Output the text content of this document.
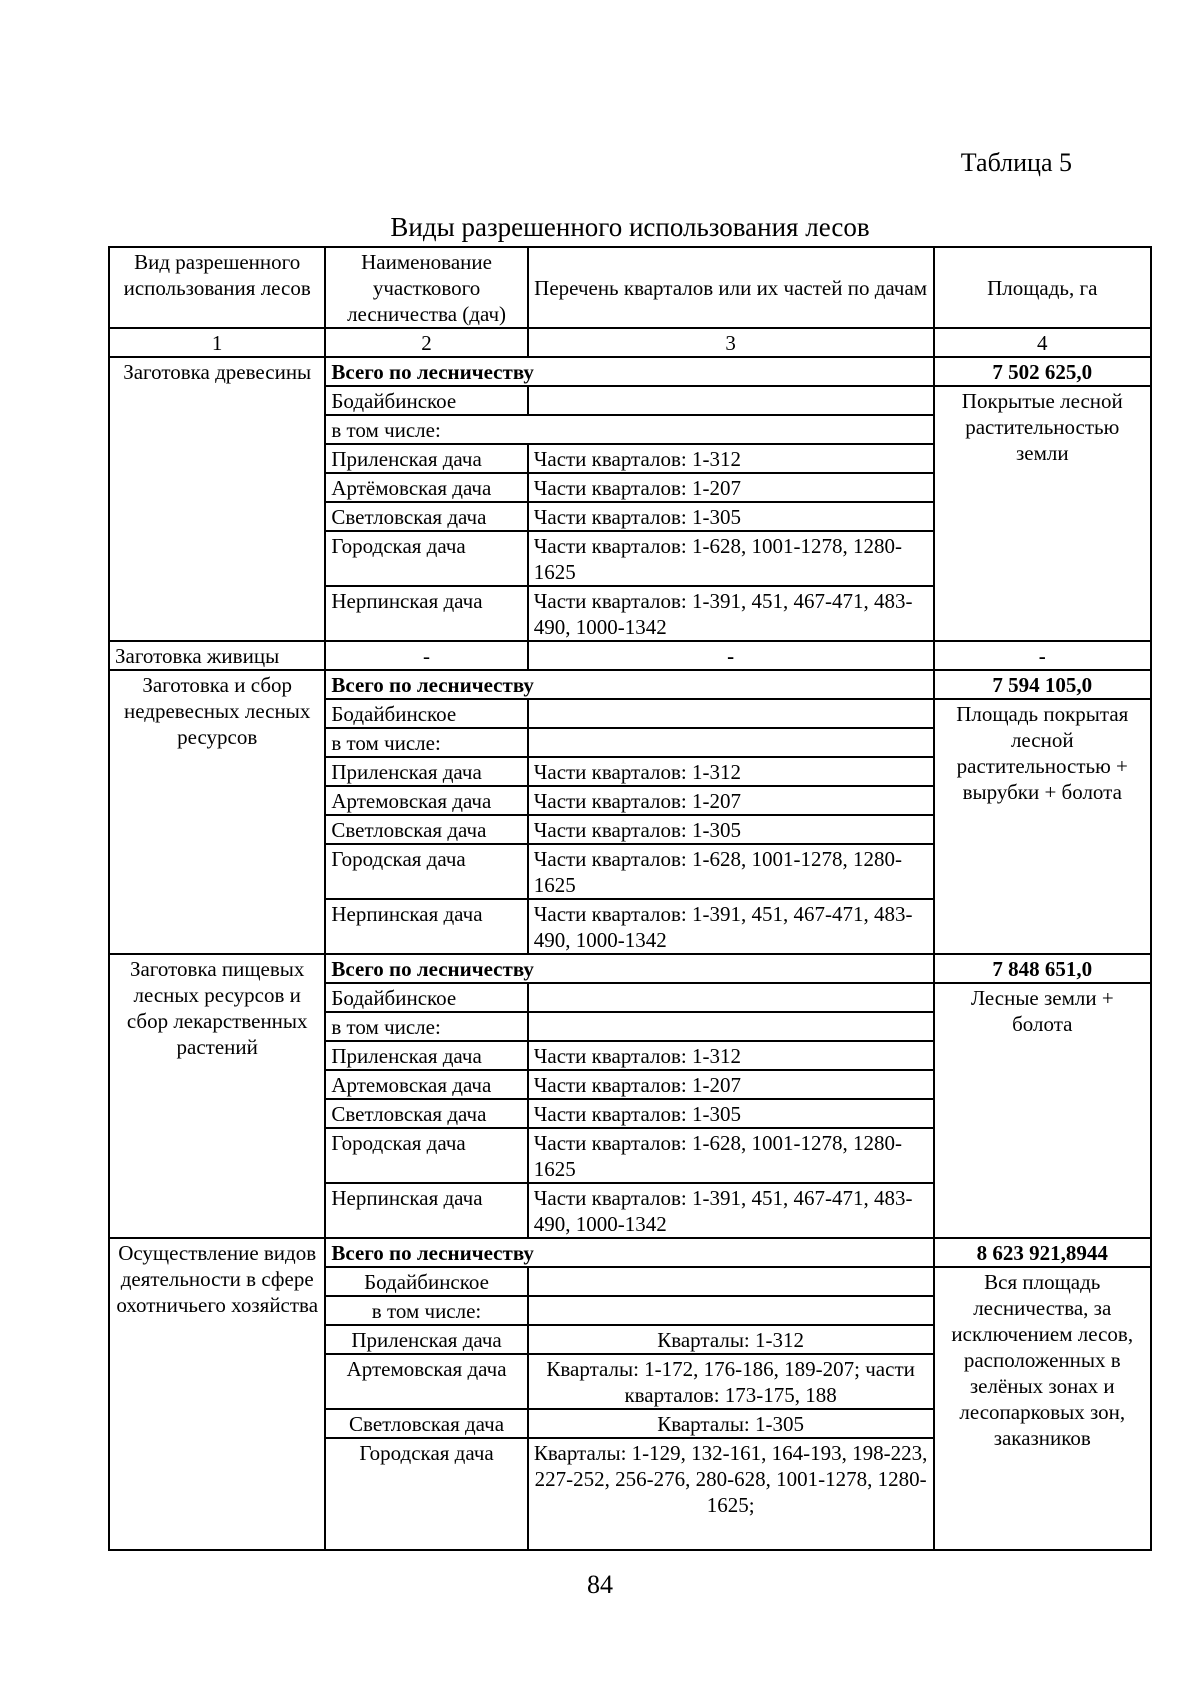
Таблица 5
Виды разрешенного использования лесов
Вид разрешенного использования лесов	Наименование участкового лесничества (дач)	Перечень кварталов или их частей по дачам	Площадь, га
1	2	3	4
Заготовка древесины	Всего по лесничеству		7 502 625,0
	Бодайбинское		Покрытые лесной растительностью земли
	в том числе:		
	Приленская дача	Части кварталов: 1-312	
	Артёмовская дача	Части кварталов: 1-207	
	Светловская дача	Части кварталов: 1-305	
	Городская дача	Части кварталов: 1-628, 1001-1278, 1280-1625	
	Нерпинская дача	Части кварталов: 1-391, 451, 467-471, 483-490, 1000-1342	
Заготовка живицы	-	-	-
Заготовка и сбор недревесных лесных ресурсов	Всего по лесничеству		7 594 105,0
	Бодайбинское		Площадь покрытая лесной растительностью + вырубки + болота
	в том числе:		
	Приленская дача	Части кварталов: 1-312	
	Артемовская дача	Части кварталов: 1-207	
	Светловская дача	Части кварталов: 1-305	
	Городская дача	Части кварталов: 1-628, 1001-1278, 1280-1625	
	Нерпинская дача	Части кварталов: 1-391, 451, 467-471, 483-490, 1000-1342	
Заготовка пищевых лесных ресурсов и сбор лекарственных растений	Всего по лесничеству		7 848 651,0
	Бодайбинское		Лесные земли + болота
	в том числе:		
	Приленская дача	Части кварталов: 1-312	
	Артемовская дача	Части кварталов: 1-207	
	Светловская дача	Части кварталов: 1-305	
	Городская дача	Части кварталов: 1-628, 1001-1278, 1280-1625	
	Нерпинская дача	Части кварталов: 1-391, 451, 467-471, 483-490, 1000-1342	
Осуществление видов деятельности в сфере охотничьего хозяйства	Всего по лесничеству		8 623 921,8944
	Бодайбинское		Вся площадь лесничества, за исключением лесов, расположенных в зелёных зонах и лесопарковых зон, заказников
	в том числе:		
	Приленская дача	Кварталы: 1-312	
	Артемовская дача	Кварталы: 1-172, 176-186, 189-207; части кварталов: 173-175, 188	
	Светловская дача	Кварталы: 1-305	
	Городская дача	Кварталы: 1-129, 132-161, 164-193, 198-223, 227-252, 256-276, 280-628, 1001-1278, 1280-1625;	
84
